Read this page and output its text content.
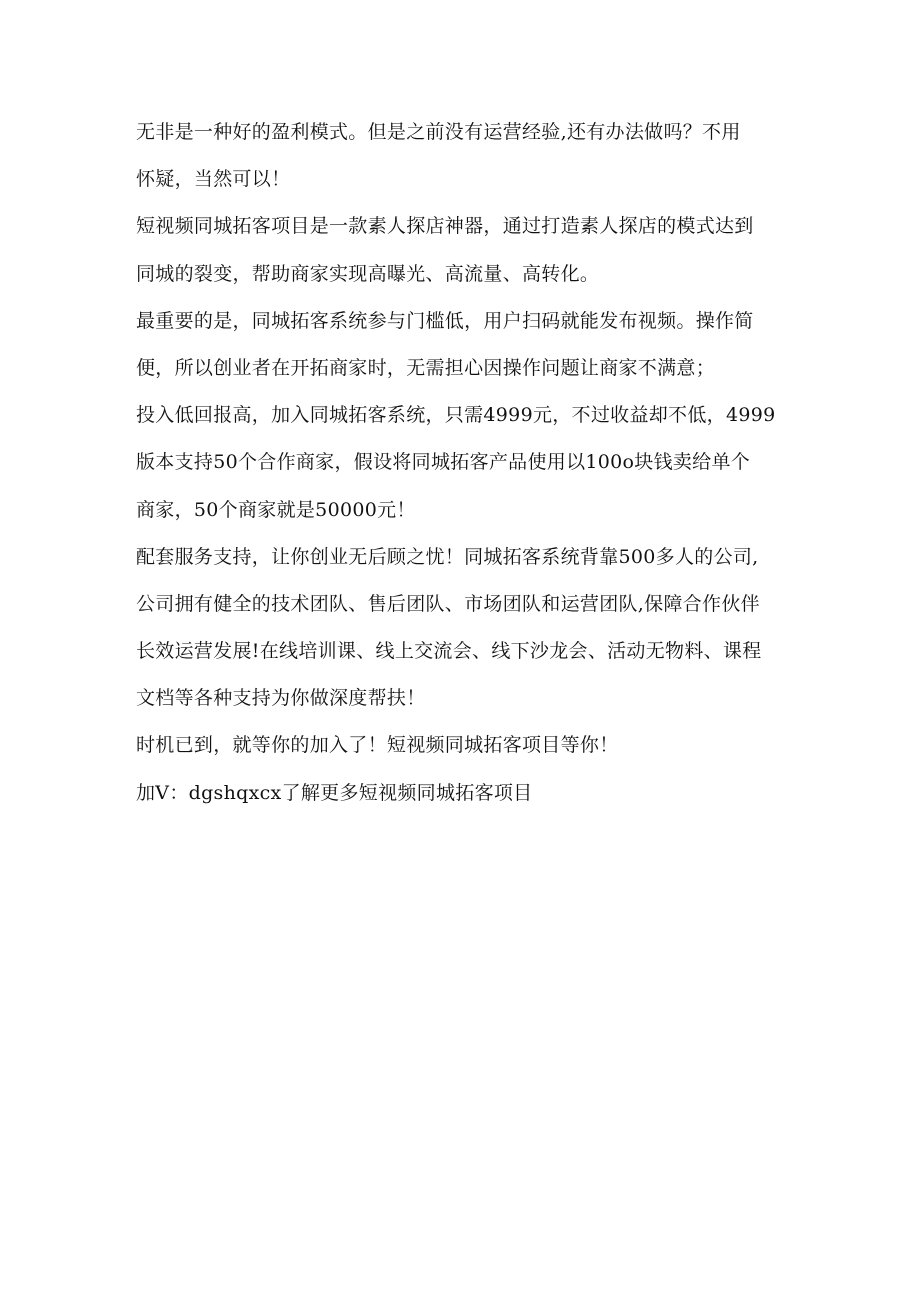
无非是一种好的盈利模式。但是之前没有运营经验,还有办法做吗？不用
怀疑，当然可以！
短视频同城拓客项目是一款素人探店神器，通过打造素人探店的模式达到
同城的裂变，帮助商家实现高曝光、高流量、高转化。
最重要的是，同城拓客系统参与门槛低，用户扫码就能发布视频。操作简
便，所以创业者在开拓商家时，无需担心因操作问题让商家不满意；
投入低回报高，加入同城拓客系统，只需4999元，不过收益却不低，4999
版本支持50个合作商家，假设将同城拓客产品使用以100o块钱卖给单个
商家，50个商家就是50000元！
配套服务支持，让你创业无后顾之忧！同城拓客系统背靠500多人的公司,
公司拥有健全的技术团队、售后团队、市场团队和运营团队,保障合作伙伴
长效运营发展!在线培训课、线上交流会、线下沙龙会、活动无物料、课程
文档等各种支持为你做深度帮扶！
时机已到，就等你的加入了！短视频同城拓客项目等你！
加V：dgshqxcx了解更多短视频同城拓客项目
